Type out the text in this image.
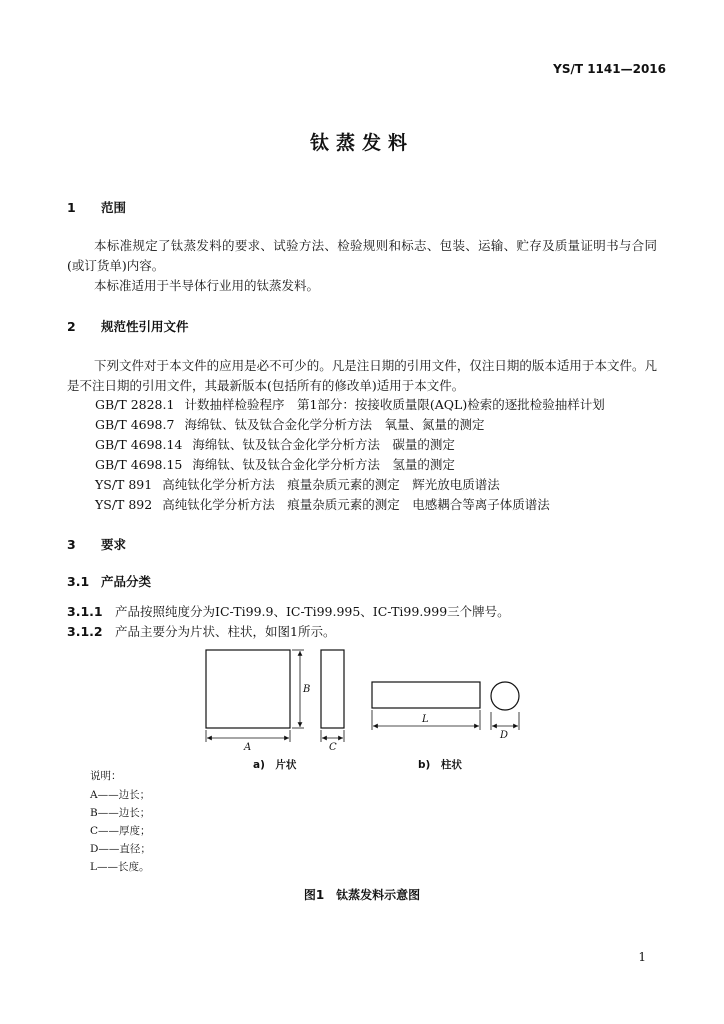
YS/T 1141—2016
钛蒸发料
1 范围
本标准规定了钛蒸发料的要求、试验方法、检验规则和标志、包装、运输、贮存及质量证明书与合同(或订货单)内容。
本标准适用于半导体行业用的钛蒸发料。
2 规范性引用文件
下列文件对于本文件的应用是必不可少的。凡是注日期的引用文件，仅注日期的版本适用于本文件。凡是不注日期的引用文件，其最新版本(包括所有的修改单)适用于本文件。
GB/T 2828.1 计数抽样检验程序　第1部分：按接收质量限(AQL)检索的逐批检验抽样计划
GB/T 4698.7 海绵钛、钛及钛合金化学分析方法　氧量、氮量的测定
GB/T 4698.14 海绵钛、钛及钛合金化学分析方法　碳量的测定
GB/T 4698.15 海绵钛、钛及钛合金化学分析方法　氢量的测定
YS/T 891 高纯钛化学分析方法　痕量杂质元素的测定　辉光放电质谱法
YS/T 892 高纯钛化学分析方法　痕量杂质元素的测定　电感耦合等离子体质谱法
3 要求
3.1 产品分类
3.1.1 产品按照纯度分为IC-Ti99.9、IC-Ti99.995、IC-Ti99.999三个牌号。
3.1.2 产品主要分为片状、柱状，如图1所示。
A
B
C
L
D
a)　片状	b)　柱状
说明：
A——边长；
B——边长；
C——厚度；
D——直径；
L——长度。
图1　钛蒸发料示意图
1
